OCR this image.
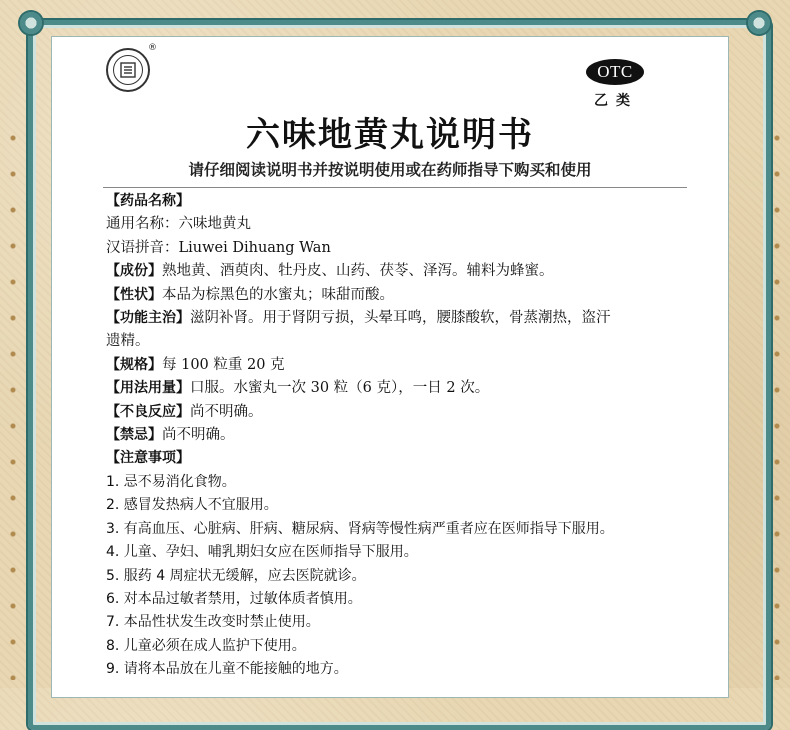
®
OTC
乙类
六味地黄丸说明书
请仔细阅读说明书并按说明使用或在药师指导下购买和使用
【药品名称】
通用名称：六味地黄丸
汉语拼音：Liuwei Dihuang Wan
【成份】熟地黄、酒萸肉、牡丹皮、山药、茯苓、泽泻。辅料为蜂蜜。
【性状】本品为棕黑色的水蜜丸；味甜而酸。
【功能主治】滋阴补肾。用于肾阴亏损，头晕耳鸣，腰膝酸软，骨蒸潮热，盗汗
遗精。
【规格】每 100 粒重 20 克
【用法用量】口服。水蜜丸一次 30 粒（6 克），一日 2 次。
【不良反应】尚不明确。
【禁忌】尚不明确。
【注意事项】
1. 忌不易消化食物。
2. 感冒发热病人不宜服用。
3. 有高血压、心脏病、肝病、糖尿病、肾病等慢性病严重者应在医师指导下服用。
4. 儿童、孕妇、哺乳期妇女应在医师指导下服用。
5. 服药 4 周症状无缓解，应去医院就诊。
6. 对本品过敏者禁用，过敏体质者慎用。
7. 本品性状发生改变时禁止使用。
8. 儿童必须在成人监护下使用。
9. 请将本品放在儿童不能接触的地方。
